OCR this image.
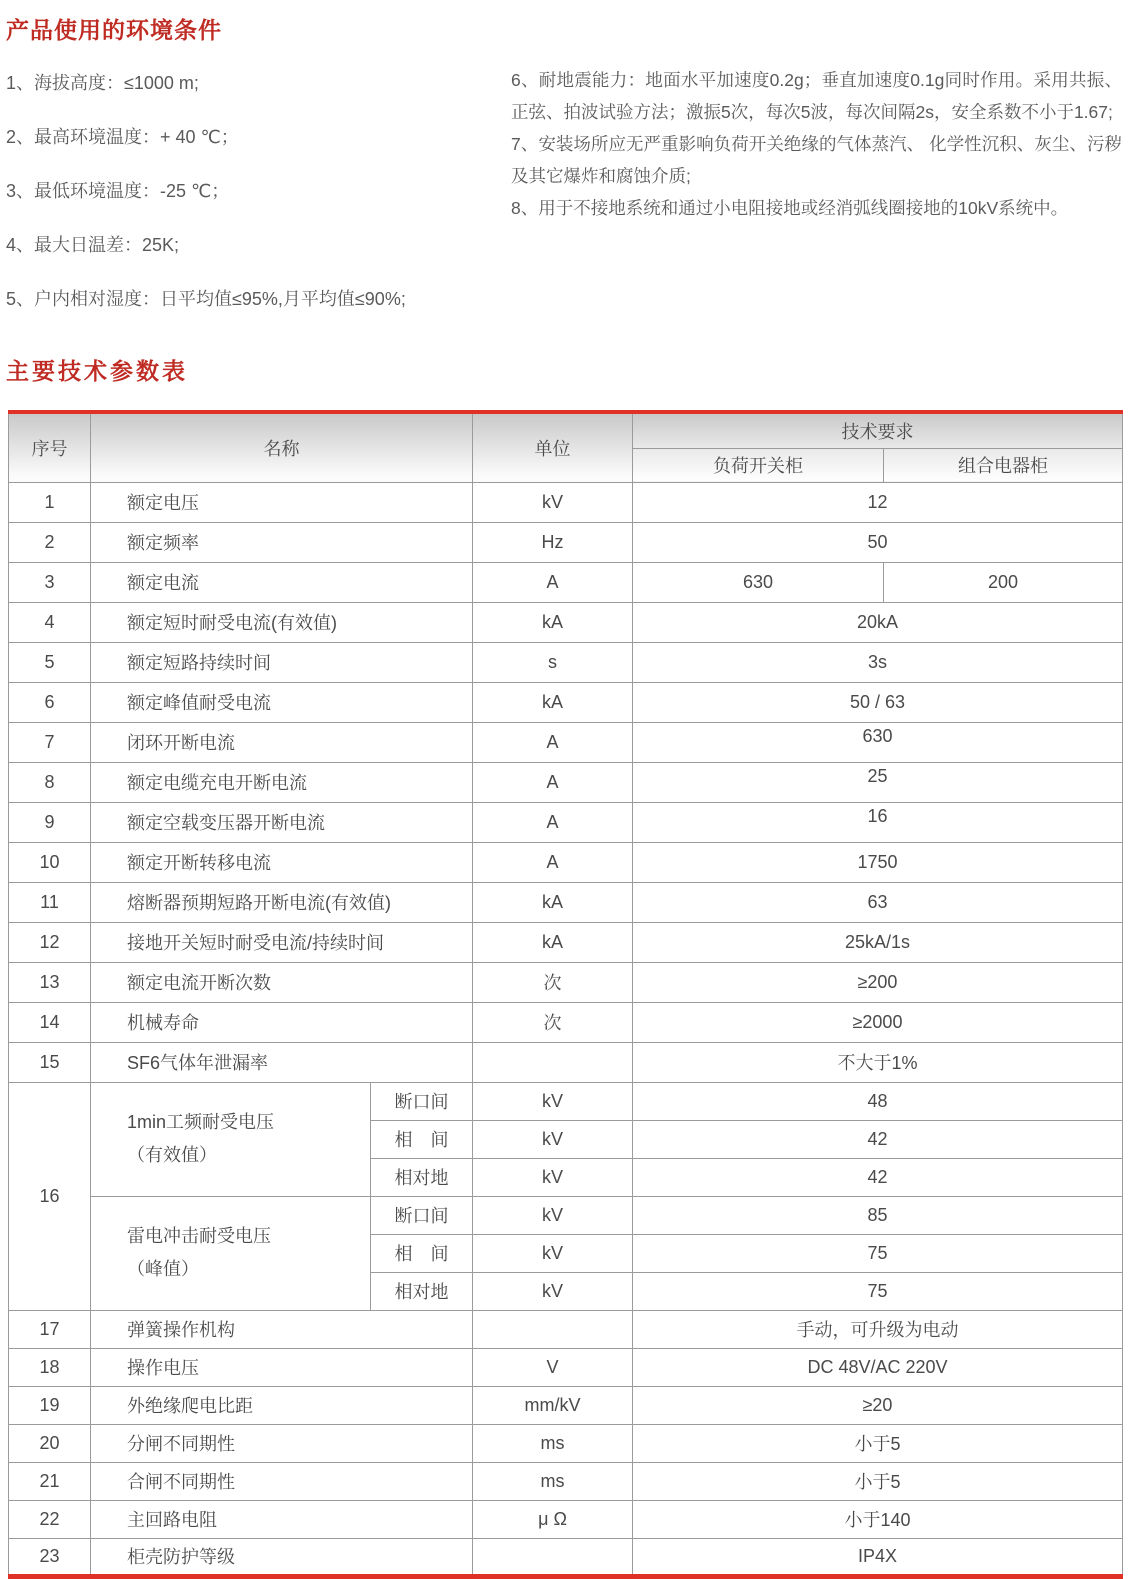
产品使用的环境条件
1、海拔高度：≤1000 m;
2、最高环境温度：+ 40 ℃；
3、最低环境温度：-25 ℃；
4、最大日温差：25K;
5、户内相对湿度：日平均值≤95%,月平均值≤90%;

6、耐地震能力：地面水平加速度0.2g；垂直加速度0.1g同时作用。采用共振、正弦、拍波试验方法；激振5次，每次5波，每次间隔2s，安全系数不小于1.67;

7、安装场所应无严重影响负荷开关绝缘的气体蒸汽、 化学性沉积、灰尘、污秽及其它爆炸和腐蚀介质;

8、用于不接地系统和通过小电阻接地或经消弧线圈接地的10kV系统中。

主要技术参数表
序号	名称		单位	技术要求	
				负荷开关柜	组合电器柜
1	额定电压		kV	12	
2	额定频率		Hz	50	
3	额定电流		A	630	200
4	额定短时耐受电流(有效值)		kA	20kA	
5	额定短路持续时间		s	3s	
6	额定峰值耐受电流		kA	50 / 63	
7	闭环开断电流		A	630	
8	额定电缆充电开断电流		A	25	
9	额定空载变压器开断电流		A	16	
10	额定开断转移电流		A	1750	
11	熔断器预期短路开断电流(有效值)		kA	63	
12	接地开关短时耐受电流/持续时间		kA	25kA/1s	
13	额定电流开断次数		次	≥200	
14	机械寿命		次	≥2000	
15	SF6气体年泄漏率			不大于1%	
16	1min工频耐受电压
（有效值）	断口间	kV	48	
		相　间	kV	42	
		相对地	kV	42	

	雷电冲击耐受电压
（峰值）	断口间	kV	85	
		相　间	kV	75	
		相对地	kV	75	
17	弹簧操作机构			手动，可升级为电动	
18	操作电压		V	DC 48V/AC 220V	
19	外绝缘爬电比距		mm/kV	≥20	
20	分闸不同期性		ms	小于5	
21	合闸不同期性		ms	小于5	
22	主回路电阻		μ Ω	小于140	
23	柜壳防护等级			IP4X	
